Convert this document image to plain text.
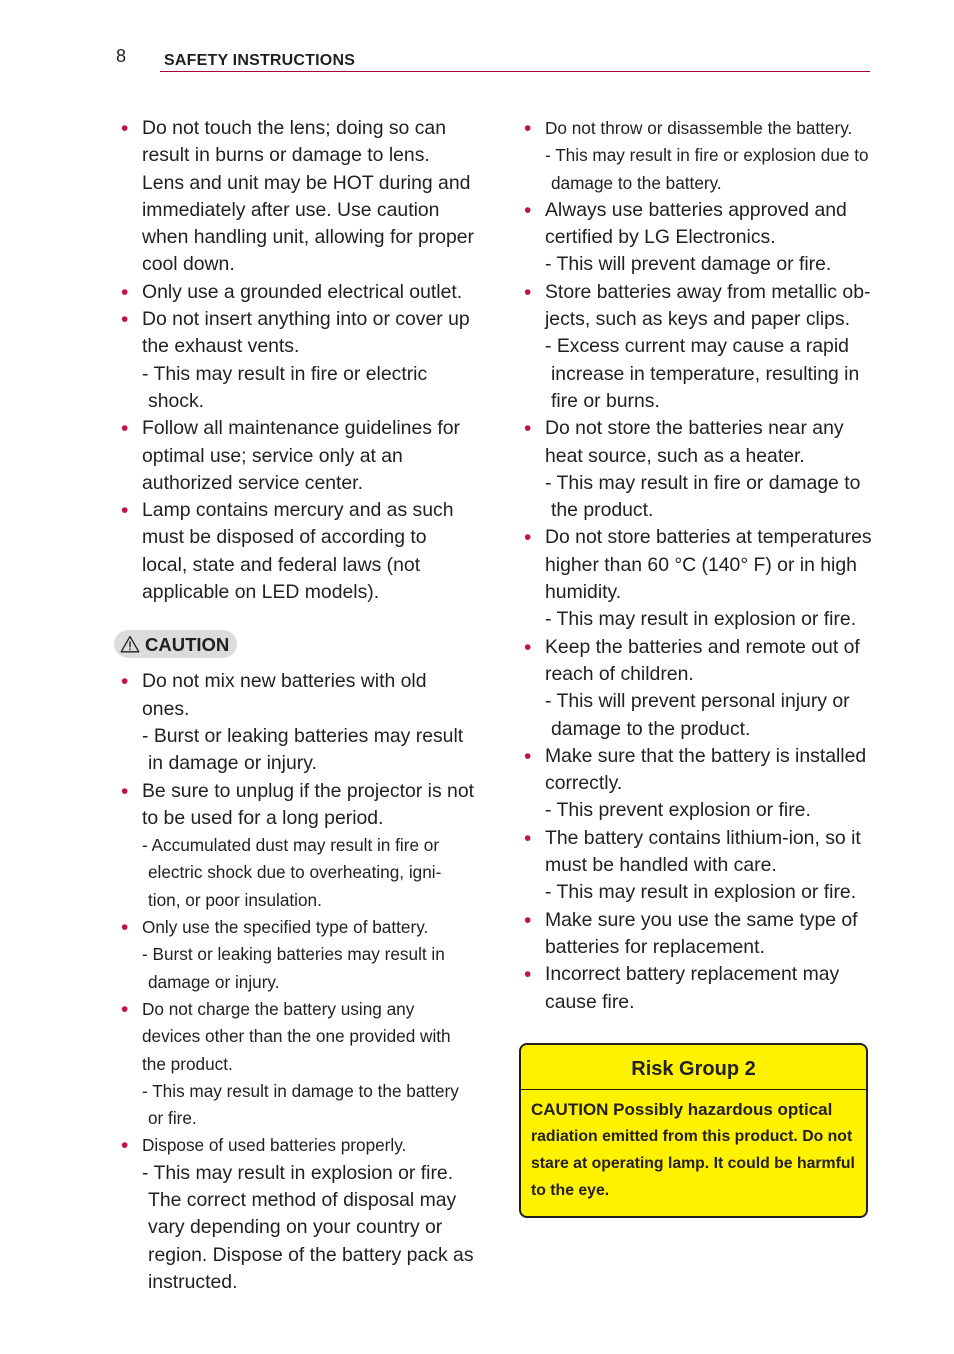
8 SAFETY INSTRUCTIONS
• Do not touch the lens; doing so can result in burns or damage to lens. Lens and unit may be HOT during and immediately after use. Use caution when handling unit, allowing for proper cool down.
• Only use a grounded electrical outlet.
• Do not insert anything into or cover up the exhaust vents.
- This may result in fire or electric shock.
• Follow all maintenance guidelines for optimal use; service only at an authorized service center.
• Lamp contains mercury and as such must be disposed of according to local, state and federal laws (not applicable on LED models).
CAUTION
• Do not mix new batteries with old ones.
- Burst or leaking batteries may result in damage or injury.
• Be sure to unplug if the projector is not to be used for a long period.
- Accumulated dust may result in fire or electric shock due to overheating, igni- tion, or poor insulation.
• Only use the specified type of battery.
- Burst or leaking batteries may result in damage or injury.
• Do not charge the battery using any devices other than the one provided with the product.
- This may result in damage to the battery or fire.
• Dispose of used batteries properly.
- This may result in explosion or fire. The correct method of disposal may vary depending on your country or region. Dispose of the battery pack as instructed.
• Do not throw or disassemble the battery.
- This may result in fire or explosion due to damage to the battery.
• Always use batteries approved and certified by LG Electronics.
- This will prevent damage or fire.
• Store batteries away from metallic ob- jects, such as keys and paper clips.
- Excess current may cause a rapid increase in temperature, resulting in fire or burns.
• Do not store the batteries near any heat source, such as a heater.
- This may result in fire or damage to the product.
• Do not store batteries at temperatures higher than 60 °C (140° F) or in high humidity.
- This may result in explosion or fire.
• Keep the batteries and remote out of reach of children.
- This will prevent personal injury or damage to the product.
• Make sure that the battery is installed correctly.
- This prevent explosion or fire.
• The battery contains lithium-ion, so it must be handled with care.
- This may result in explosion or fire.
• Make sure you use the same type of batteries for replacement.
• Incorrect battery replacement may cause fire.
Risk Group 2
CAUTION Possibly hazardous optical
radiation emitted from this product. Do not stare at operating lamp. It could be harmful to the eye.
